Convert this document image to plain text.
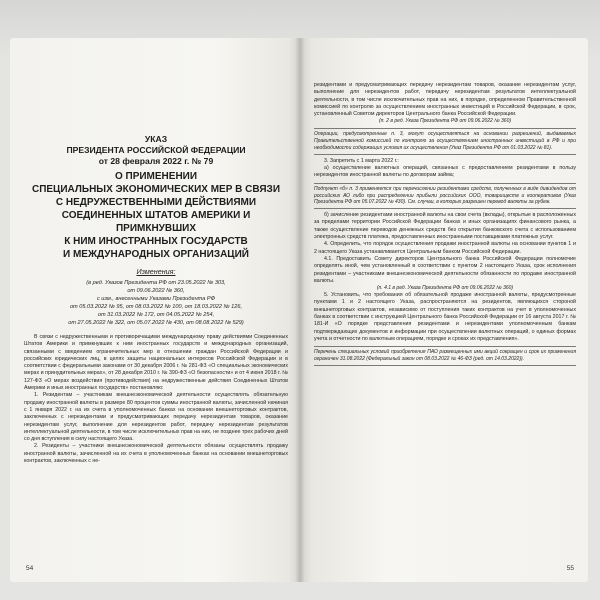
УКАЗ
ПРЕЗИДЕНТА РОССИЙСКОЙ ФЕДЕРАЦИИ
от 28 февраля 2022 г. № 79
О ПРИМЕНЕНИИ
СПЕЦИАЛЬНЫХ ЭКОНОМИЧЕСКИХ МЕР В СВЯЗИ
С НЕДРУЖЕСТВЕННЫМИ ДЕЙСТВИЯМИ
СОЕДИНЕННЫХ ШТАТОВ АМЕРИКИ И ПРИМКНУВШИХ
К НИМ ИНОСТРАННЫХ ГОСУДАРСТВ
И МЕЖДУНАРОДНЫХ ОРГАНИЗАЦИЙ
Изменения:
(в ред. Указов Президента РФ от 23.05.2022 № 303,
от 09.06.2022 № 360,
с изм., внесенными Указами Президента РФ
от 05.03.2022 № 95, от 08.03.2022 № 100, от 18.03.2022 № 126,
от 31.03.2022 № 172, от 04.05.2022 № 254,
от 27.05.2022 № 322, от 05.07.2022 № 430, от 08.08.2022 № 529)

В связи с недружественными и противоречащими международному праву действиями Соединенных Штатов Америки и примкнувших к ним иностранных государств и международных организаций, связанными с введением ограничительных мер в отношении граждан Российской Федерации и российских юридических лиц, в целях защиты национальных интересов Российской Федерации и в соответствии с федеральными законами от 30 декабря 2006 г. № 281-ФЗ «О специальных экономических мерах и принудительных мерах», от 28 декабря 2010 г. № 390-ФЗ «О безопасности» и от 4 июня 2018 г. № 127-ФЗ «О мерах воздействия (противодействия) на недружественные действия Соединенных Штатов Америки и иных иностранных государств» постановляю:

1. Резидентам – участникам внешнеэкономической деятельности осуществлять обязательную продажу иностранной валюты в размере 80 процентов суммы иностранной валюты, зачисленной начиная с 1 января 2022 г. на их счета в уполномоченных банках на основании внешнеторговых контрактов, заключенных с нерезидентами и предусматривающих передачу нерезидентам товаров, оказание нерезидентам услуг, выполнение для нерезидентов работ, передачу нерезидентам результатов интеллектуальной деятельности, в том числе исключительных прав на них, не позднее трех рабочих дней со дня вступления в силу настоящего Указа.

2. Резиденты – участники внешнеэкономической деятельности обязаны осуществлять продажу иностранной валюты, зачисленной на их счета в уполномоченных банках на основании внешнеторговых контрактов, заключенных с не-

54

резидентами и предусматривающих передачу нерезидентам товаров, оказание нерезидентам услуг, выполнение для нерезидентов работ, передачу нерезидентам результатов интеллектуальной деятельности, в том числе исключительных прав на них, в порядке, определенном Правительственной комиссией по контролю за осуществлением иностранных инвестиций в Российской Федерации, в срок, установленный Советом директоров Центрального банка Российской Федерации.

(п. 2 в ред. Указа Президента РФ от 09.06.2022 № 360)

Операции, предусмотренные п. 3, могут осуществляться на основании разрешений, выдаваемых Правительственной комиссией по контролю за осуществлением иностранных инвестиций в РФ и при необходимости содержащих условия их осуществления (Указ Президента РФ от 01.03.2022 № 81).

3. Запретить с 1 марта 2022 г.:

а) осуществление валютных операций, связанных с предоставлением резидентами в пользу нерезидентов иностранной валюты по договорам займа;

Подпункт «б» п. 3 применяется при перечислении резидентами средств, полученных в виде дивидендов от российских АО либо при распределении прибыли российских ООО, товариществ и кооперативов (Указ Президента РФ от 05.07.2022 № 430). См. случаи, в которых разрешен перевод валюты за рубеж.

б) зачисление резидентами иностранной валюты на свои счета (вклады), открытые в расположенных за пределами территории Российской Федерации банках и иных организациях финансового рынка, а также осуществление переводов денежных средств без открытия банковского счета с использованием электронных средств платежа, предоставленных иностранными поставщиками платежных услуг.

4. Определить, что порядок осуществления продажи иностранной валюты на основании пунктов 1 и 2 настоящего Указа устанавливается Центральным банком Российской Федерации.

4.1. Предоставить Совету директоров Центрального банка Российской Федерации полномочие определять иной, чем установленный в соответствии с пунктом 2 настоящего Указа, срок исполнения резидентами – участниками внешнеэкономической деятельности обязанности по продаже иностранной валюты.

(п. 4.1 в ред. Указа Президента РФ от 09.06.2022 № 360)

5. Установить, что требования об обязательной продаже иностранной валюты, предусмотренные пунктами 1 и 2 настоящего Указа, распространяются на резидентов, являющихся стороной внешнеторговых контрактов, независимо от поступления таких контрактов на учет в уполномоченных банках в соответствии с инструкцией Центрального банка Российской Федерации от 16 августа 2017 г. № 181-И «О порядке представления резидентами и нерезидентами уполномоченным банкам подтверждающих документов и информации при осуществлении валютных операций, о единых формах учета и отчетности по валютным операциям, порядке и сроках их представления».

Перечень специальных условий приобретения ПАО размещенных ими акций сокращен и срок их применения ограничен 31.08.2022 (Федеральный закон от 08.03.2022 № 46-ФЗ (ред. от 14.03.2022)).

55
